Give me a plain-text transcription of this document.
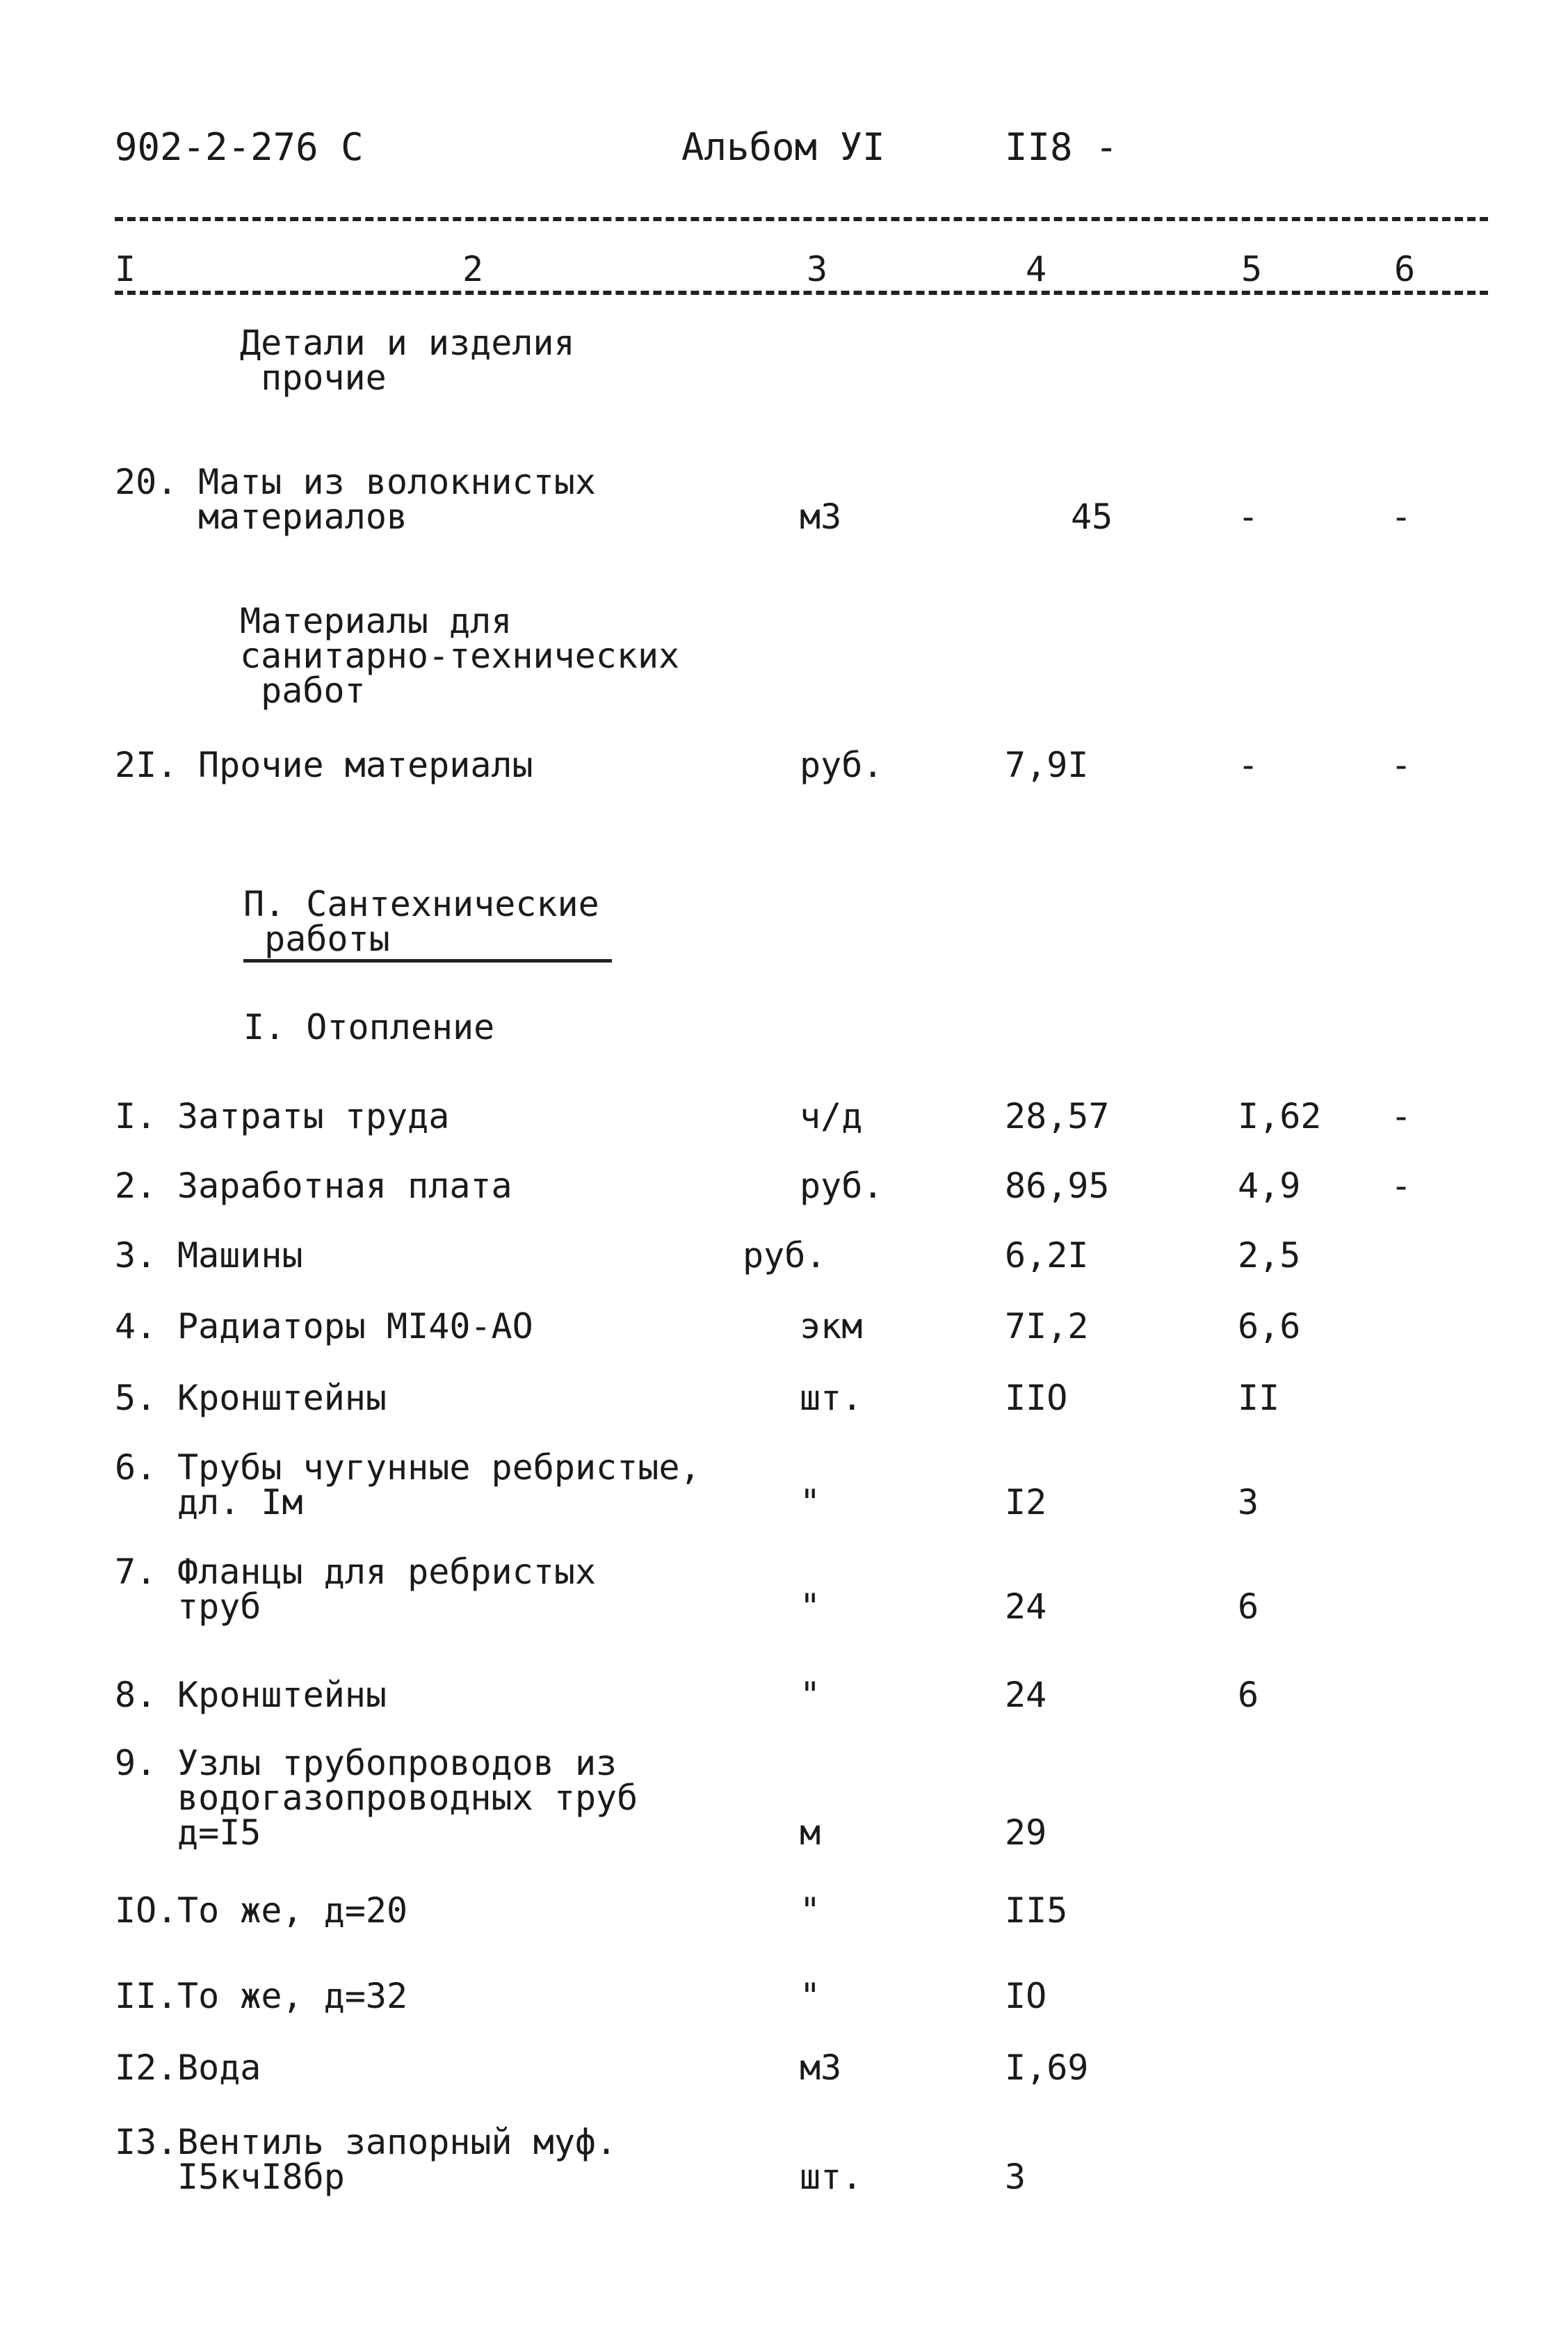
902-2-276 С	Альбом УI	II8 -
I	2	3	4	5	6
Детали и изделия
прочие
20. Маты из волокнистых
материалов	м3	45	-	-
Материалы для
санитарно-технических
работ
2I. Прочие материалы	руб.	7,9I	-	-
П. Сантехнические
работы
I. Отопление
I. Затраты труда	ч/д	28,57	I,62 -
2. Заработная плата	руб.	86,95	4,9	-
3. Машины	руб.	6,2I	2,5
4. Радиаторы МI40-АО	экм	7I,2	6,6
5. Кронштейны	шт.	IIО	II
6. Трубы чугунные ребристые,
дл. Iм	"	I2	3
7. Фланцы для ребристых
труб	"	24	6
8. Кронштейны	"	24	6
9. Узлы трубопроводов из
водогазопроводных труб
д=I5	м	29
IО. То же, д=20	"	II5
II. То же, д=32	"	IО
I2. Вода	м3	I,69
I3. Вентиль запорный муф.
I5кчI8бр	шт.	3
